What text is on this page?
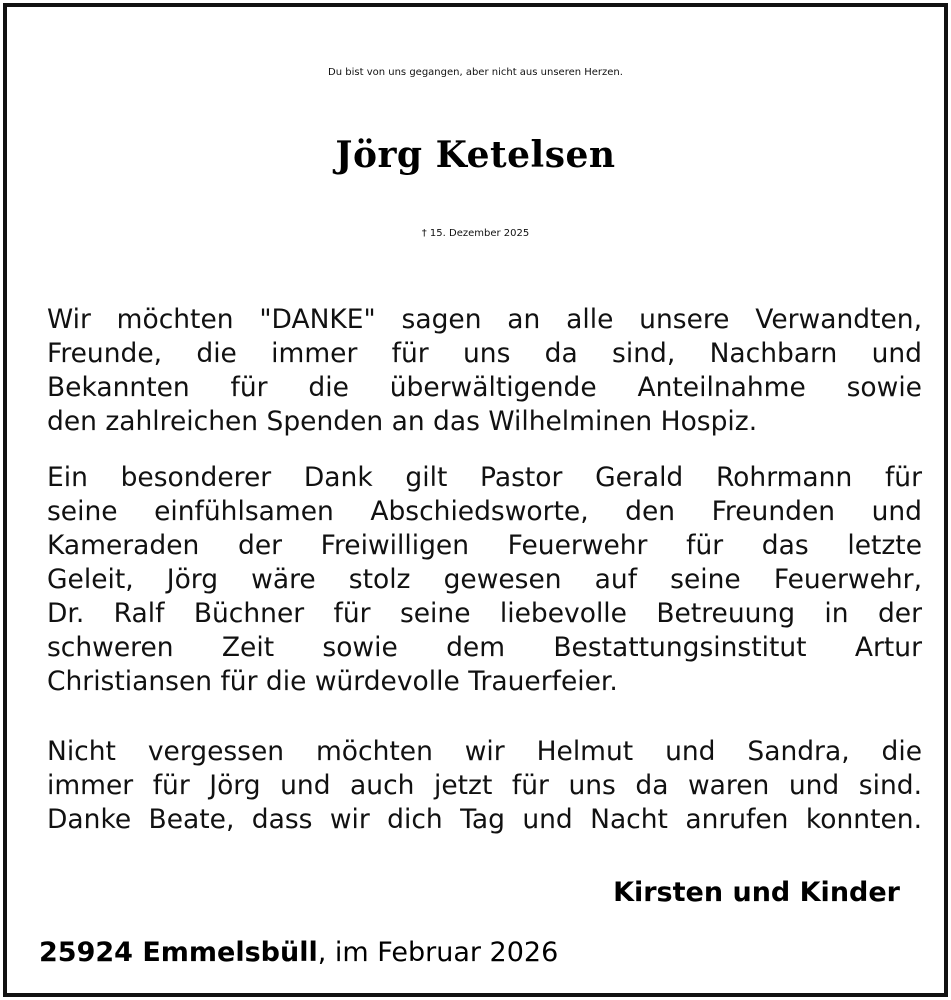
Du bist von uns gegangen, aber nicht aus unseren Herzen.
Jörg Ketelsen
† 15. Dezember 2025
Wir möchten "DANKE" sagen an alle unsere Verwandten,
Freunde, die immer für uns da sind, Nachbarn und
Bekannten für die überwältigende Anteilnahme sowie
den zahlreichen Spenden an das Wilhelminen Hospiz.
Ein besonderer Dank gilt Pastor Gerald Rohrmann für
seine einfühlsamen Abschiedsworte, den Freunden und
Kameraden der Freiwilligen Feuerwehr für das letzte
Geleit, Jörg wäre stolz gewesen auf seine Feuerwehr,
Dr. Ralf Büchner für seine liebevolle Betreuung in der
schweren Zeit sowie dem Bestattungsinstitut Artur
Christiansen für die würdevolle Trauerfeier.
Nicht vergessen möchten wir Helmut und Sandra, die
immer für Jörg und auch jetzt für uns da waren und sind.
Danke Beate, dass wir dich Tag und Nacht anrufen konnten.
Kirsten und Kinder
25924 Emmelsbüll, im Februar 2026
